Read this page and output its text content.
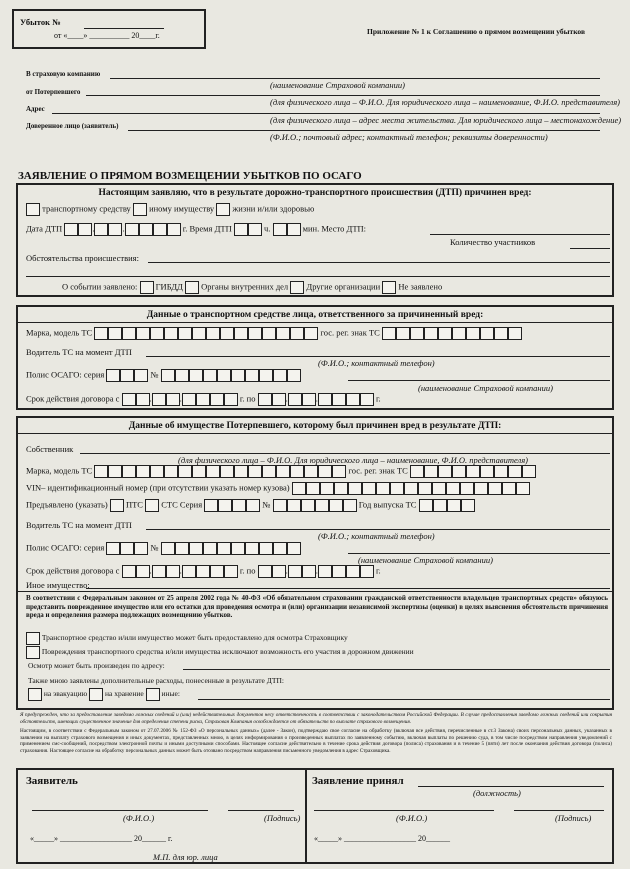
Убыток №
от «____» __________ 20____г.	Приложение № 1 к Соглашению о прямом возмещении убытков
В страховую компанию
(наименование Страховой компании)
от Потерпевшего
(для физического лица – Ф.И.О. Для юридического лица – наименование, Ф.И.О. представителя)
Адрес
(для физического лица – адрес места жительства. Для юридического лица – местонахождение)
Доверенное лицо (заявитель)
(Ф.И.О.; почтовый адрес; контактный телефон; реквизиты доверенности)
ЗАЯВЛЕНИЕ О ПРЯМОМ ВОЗМЕЩЕНИИ УБЫТКОВ ПО ОСАГО
Настоящим заявляю, что в результате дорожно-транспортного происшествия (ДТП) причинен вред:
транспортному средству иному имуществу жизни и/или здоровью
Дата ДТП	.	.	г. Время ДТП	ч.	мин. Место ДТП:
Количество участников
Обстоятельства происшествия:
О событии заявлено: ГИБДД Органы внутренних дел Другие организации Не заявлено
Данные о транспортном средстве лица, ответственного за причиненный вред:
Марка, модель ТС	гос. рег. знак ТС
Водитель ТС на момент ДТП
(Ф.И.О.; контактный телефон)
Полис ОСАГО: серия	№
(наименование Страховой компании)
Срок действия договора с	.	.	г. по	.	.	г.
Данные об имуществе Потерпевшего, которому был причинен вред в результате ДТП:
Собственник
(для физического лица – Ф.И.О. Для юридического лица – наименование, Ф.И.О. представителя)
Марка, модель ТС	гос. рег. знак ТС
VIN– идентификационный номер (при отсутствии указать номер кузова)
Предъявлено (указать) ПТС СТС Серия	№	Год выпуска ТС
Водитель ТС на момент ДТП
(Ф.И.О.; контактный телефон)
Полис ОСАГО: серия	№
(наименование Страховой компании)
Срок действия договора с	.	.	г. по	.	.	г.
Иное имущество:
В соответствии с Федеральным законом от 25 апреля 2002 года № 40-ФЗ «Об обязательном страховании гражданской ответственности владельцев транспортных средств» обязуюсь представить поврежденное имущество или его остатки для проведения осмотра и (или) организации независимой экспертизы (оценки) в целях выяснения обстоятельств причинения вреда и определения размера подлежащих возмещению убытков.
Транспортное средство и/или имущество может быть предоставлено для осмотра Страховщику
Повреждения транспортного средства и/или имущества исключают возможность его участия в дорожном движении
Осмотр может быть произведен по адресу:
Также мною заявлены дополнительные расходы, понесенные в результате ДТП:
на эвакуацию на хранение иные:
Я предупрежден, что за предоставление заведомо ложных сведений и (или) недействительных документов несу ответственность в соответствии с законодательством Российской Федерации. В случае предоставления заведомо ложных сведений или сокрытия обстоятельств, имеющих существенное значение для определения степени риска, Страховая Компания освобождается от обязательств по выплате страхового возмещения.
Настоящим, в соответствии с Федеральным законом от 27.07.2006 № 152-ФЗ «О персональных данных» (далее - Закон), подтверждаю свое согласие на обработку (включая все действия, перечисленные в ст.3 Закона) своих персональных данных, указанных в заявлении на выплату страхового возмещения и иных документах, представленных мною, в целях информирования о произведенных выплатах по заявленному событию, включая выплаты по решению суда, в том числе посредством направления уведомлений с применением смс-сообщений, посредством электронной почты и иными доступными способами. Настоящее согласие действительно в течение срока действия договора (полиса) страхования и в течение 5 (пяти) лет после окончания действия договора (полиса) страхования. Настоящее согласие на обработку персональных данных может быть отозвано посредством направления письменного уведомления в адрес Страховщика.
Заявитель
(Ф.И.О.)	(Подпись)
«_____» __________________ 20______ г.
М.П. для юр. лица
Заявление принял
(должность)
(Ф.И.О.)	(Подпись)
«_____» __________________ 20______
